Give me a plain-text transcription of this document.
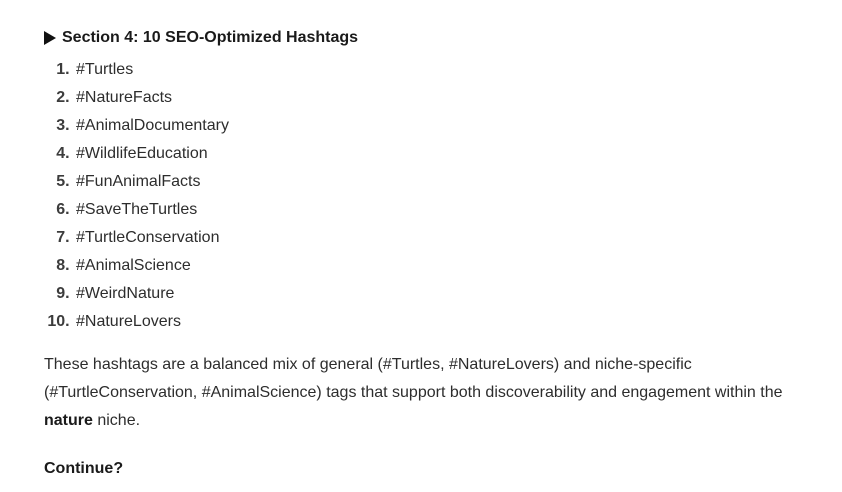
Section 4: 10 SEO-Optimized Hashtags
1. #Turtles
2. #NatureFacts
3. #AnimalDocumentary
4. #WildlifeEducation
5. #FunAnimalFacts
6. #SaveTheTurtles
7. #TurtleConservation
8. #AnimalScience
9. #WeirdNature
10. #NatureLovers

These hashtags are a balanced mix of general (#Turtles, #NatureLovers) and niche-specific
(#TurtleConservation, #AnimalScience) tags that support both discoverability and engagement within the
nature niche.

Continue?
